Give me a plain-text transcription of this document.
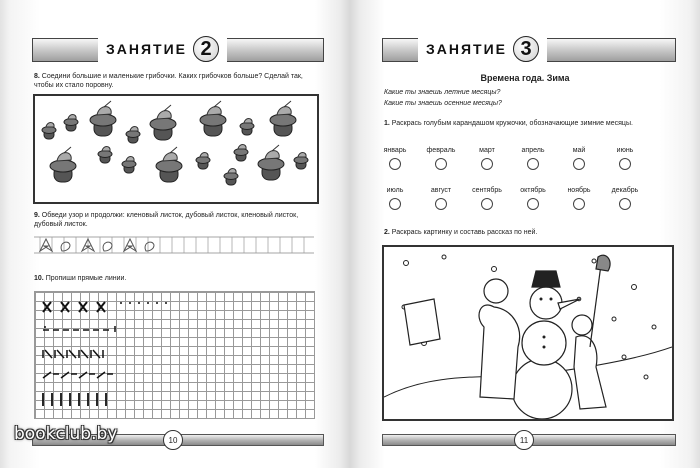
ЗАНЯТИЕ 2
8. Соедини большие и маленькие грибочки. Каких грибочков больше? Сделай так, чтобы их стало поровну.
9. Обведи узор и продолжи: кленовый листок, дубовый листок, кленовый листок, дубовый листок.
10. Пропиши прямые линии.
10
ЗАНЯТИЕ 3
Времена года. Зима
Какие ты знаешь летние месяцы?
Какие ты знаешь осенние месяцы?
1. Раскрась голубым карандашом кружочки, обозначающие зимние месяцы.
январь	февраль	март	апрель	май	июнь
июль	август	сентябрь	октябрь	ноябрь	декабрь
2. Раскрась картинку и составь рассказ по ней.
11
bookclub.by
